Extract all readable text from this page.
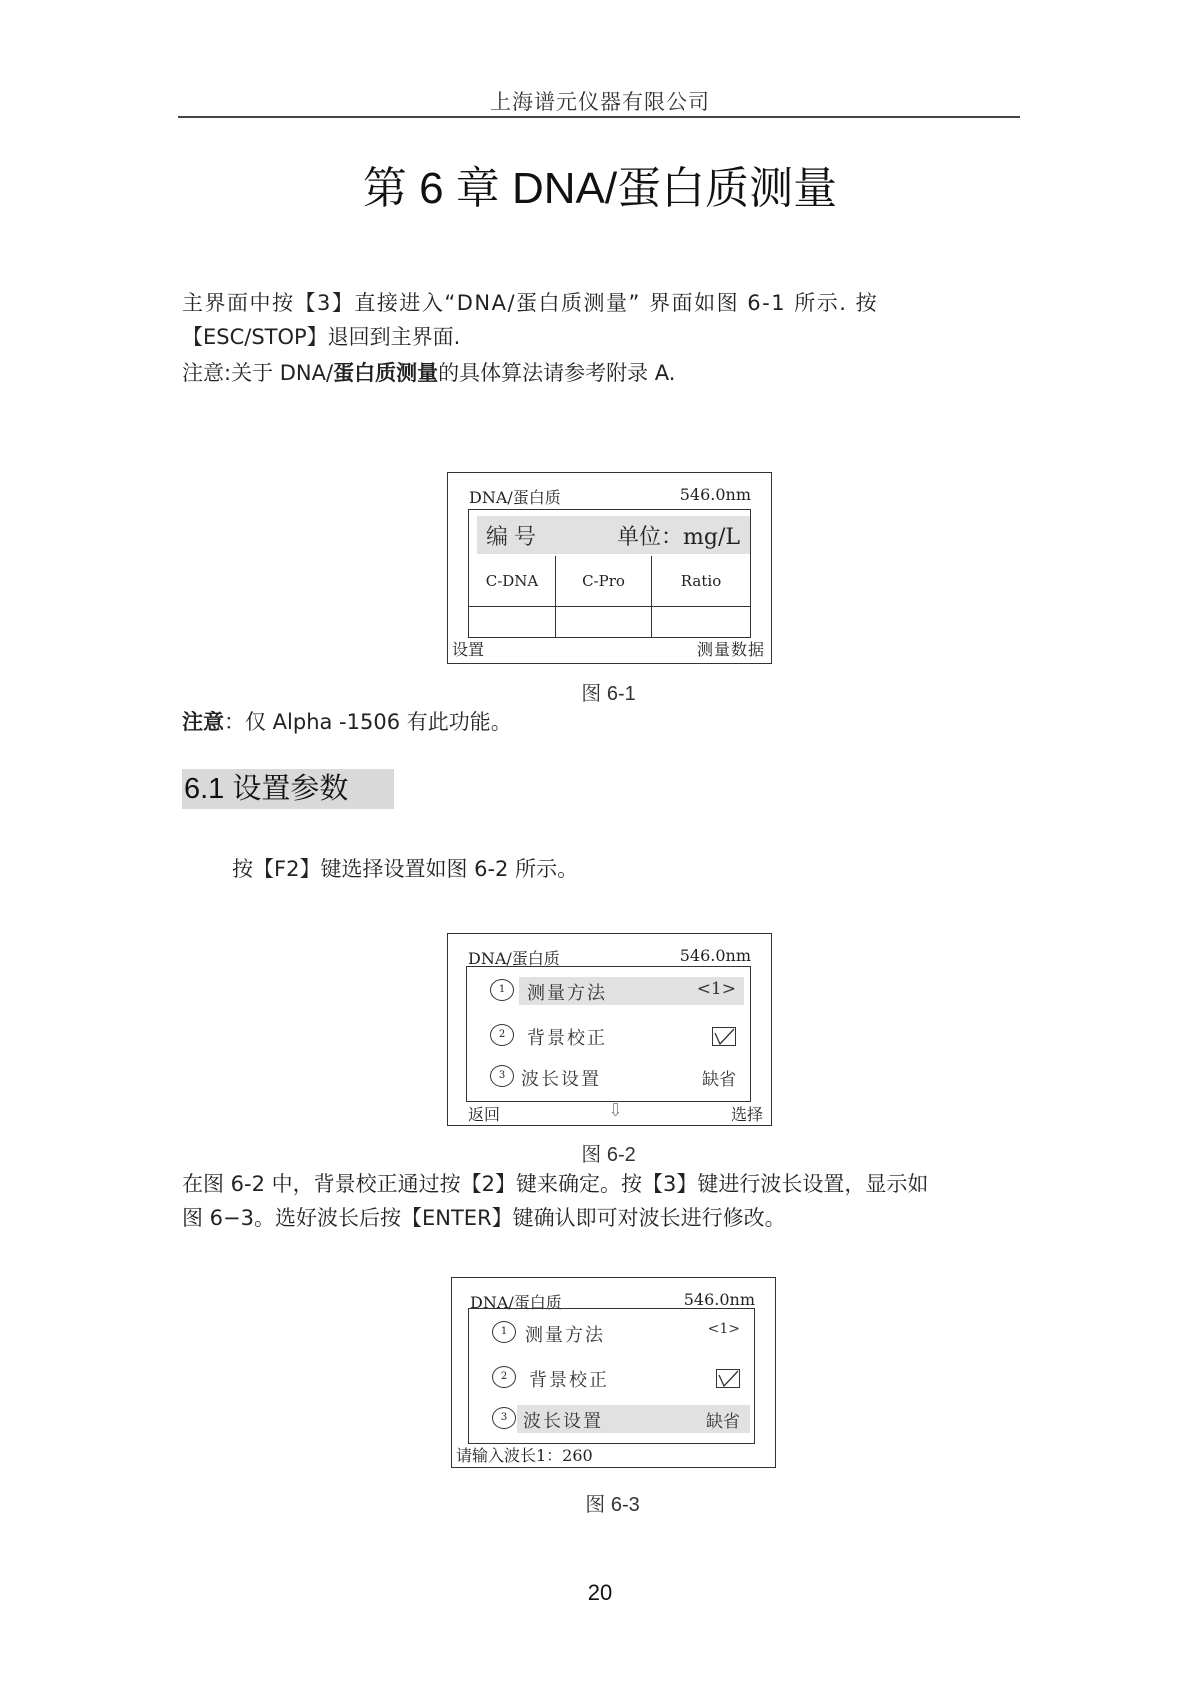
上海谱元仪器有限公司
第 6 章 DNA/蛋白质测量
主界面中按【3】直接进入“DNA/蛋白质测量” 界面如图 6-1 所示. 按
【ESC/STOP】退回到主界面.
注意:关于 DNA/蛋白质测量的具体算法请参考附录 A.
DNA/蛋白质	546.0nm
编号	单位：mg/L
C-DNA	C-Pro	Ratio
设置	测量数据
图 6-1
注意：仅 Alpha -1506 有此功能。
6.1 设置参数
按【F2】键选择设置如图 6-2 所示。
DNA/蛋白质	546.0nm
1	测量方法	<1>
2	背景校正
3 波长设置	缺省
返回	⇩	选择
图 6-2
在图 6-2 中，背景校正通过按【2】键来确定。按【3】键进行波长设置，显示如
图 6−3。选好波长后按【ENTER】键确认即可对波长进行修改。
DNA/蛋白质	546.0nm
1 测量方法	<1>
2	背景校正
3 波长设置	缺省
请输入波长1：260
图 6-3
20
